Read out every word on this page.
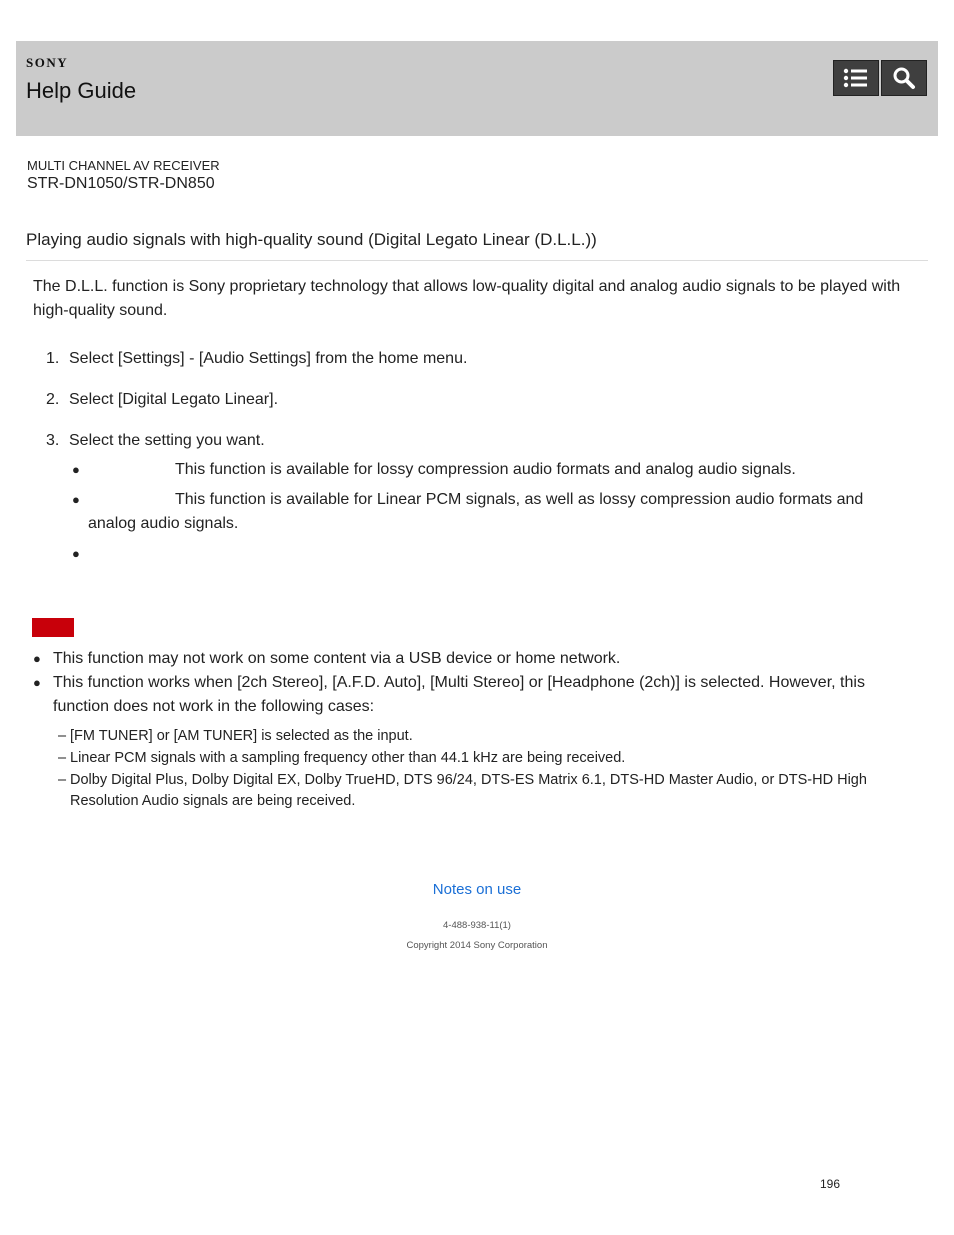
SONY
Help Guide
MULTI CHANNEL AV RECEIVER
STR-DN1050/STR-DN850
Playing audio signals with high-quality sound (Digital Legato Linear (D.L.L.))
The D.L.L. function is Sony proprietary technology that allows low-quality digital and analog audio signals to be played with high-quality sound.
1. Select [Settings] - [Audio Settings] from the home menu.
2. Select [Digital Legato Linear].
3. Select the setting you want.
●	This function is available for lossy compression audio formats and analog audio signals.
●	This function is available for Linear PCM signals, as well as lossy compression audio formats and analog audio signals.
●
● This function may not work on some content via a USB device or home network.
● This function works when [2ch Stereo], [A.F.D. Auto], [Multi Stereo] or [Headphone (2ch)] is selected. However, this function does not work in the following cases:
– [FM TUNER] or [AM TUNER] is selected as the input.
– Linear PCM signals with a sampling frequency other than 44.1 kHz are being received.
– Dolby Digital Plus, Dolby Digital EX, Dolby TrueHD, DTS 96/24, DTS-ES Matrix 6.1, DTS-HD Master Audio, or DTS-HD High Resolution Audio signals are being received.
Notes on use
4-488-938-11(1)
Copyright 2014 Sony Corporation
196
